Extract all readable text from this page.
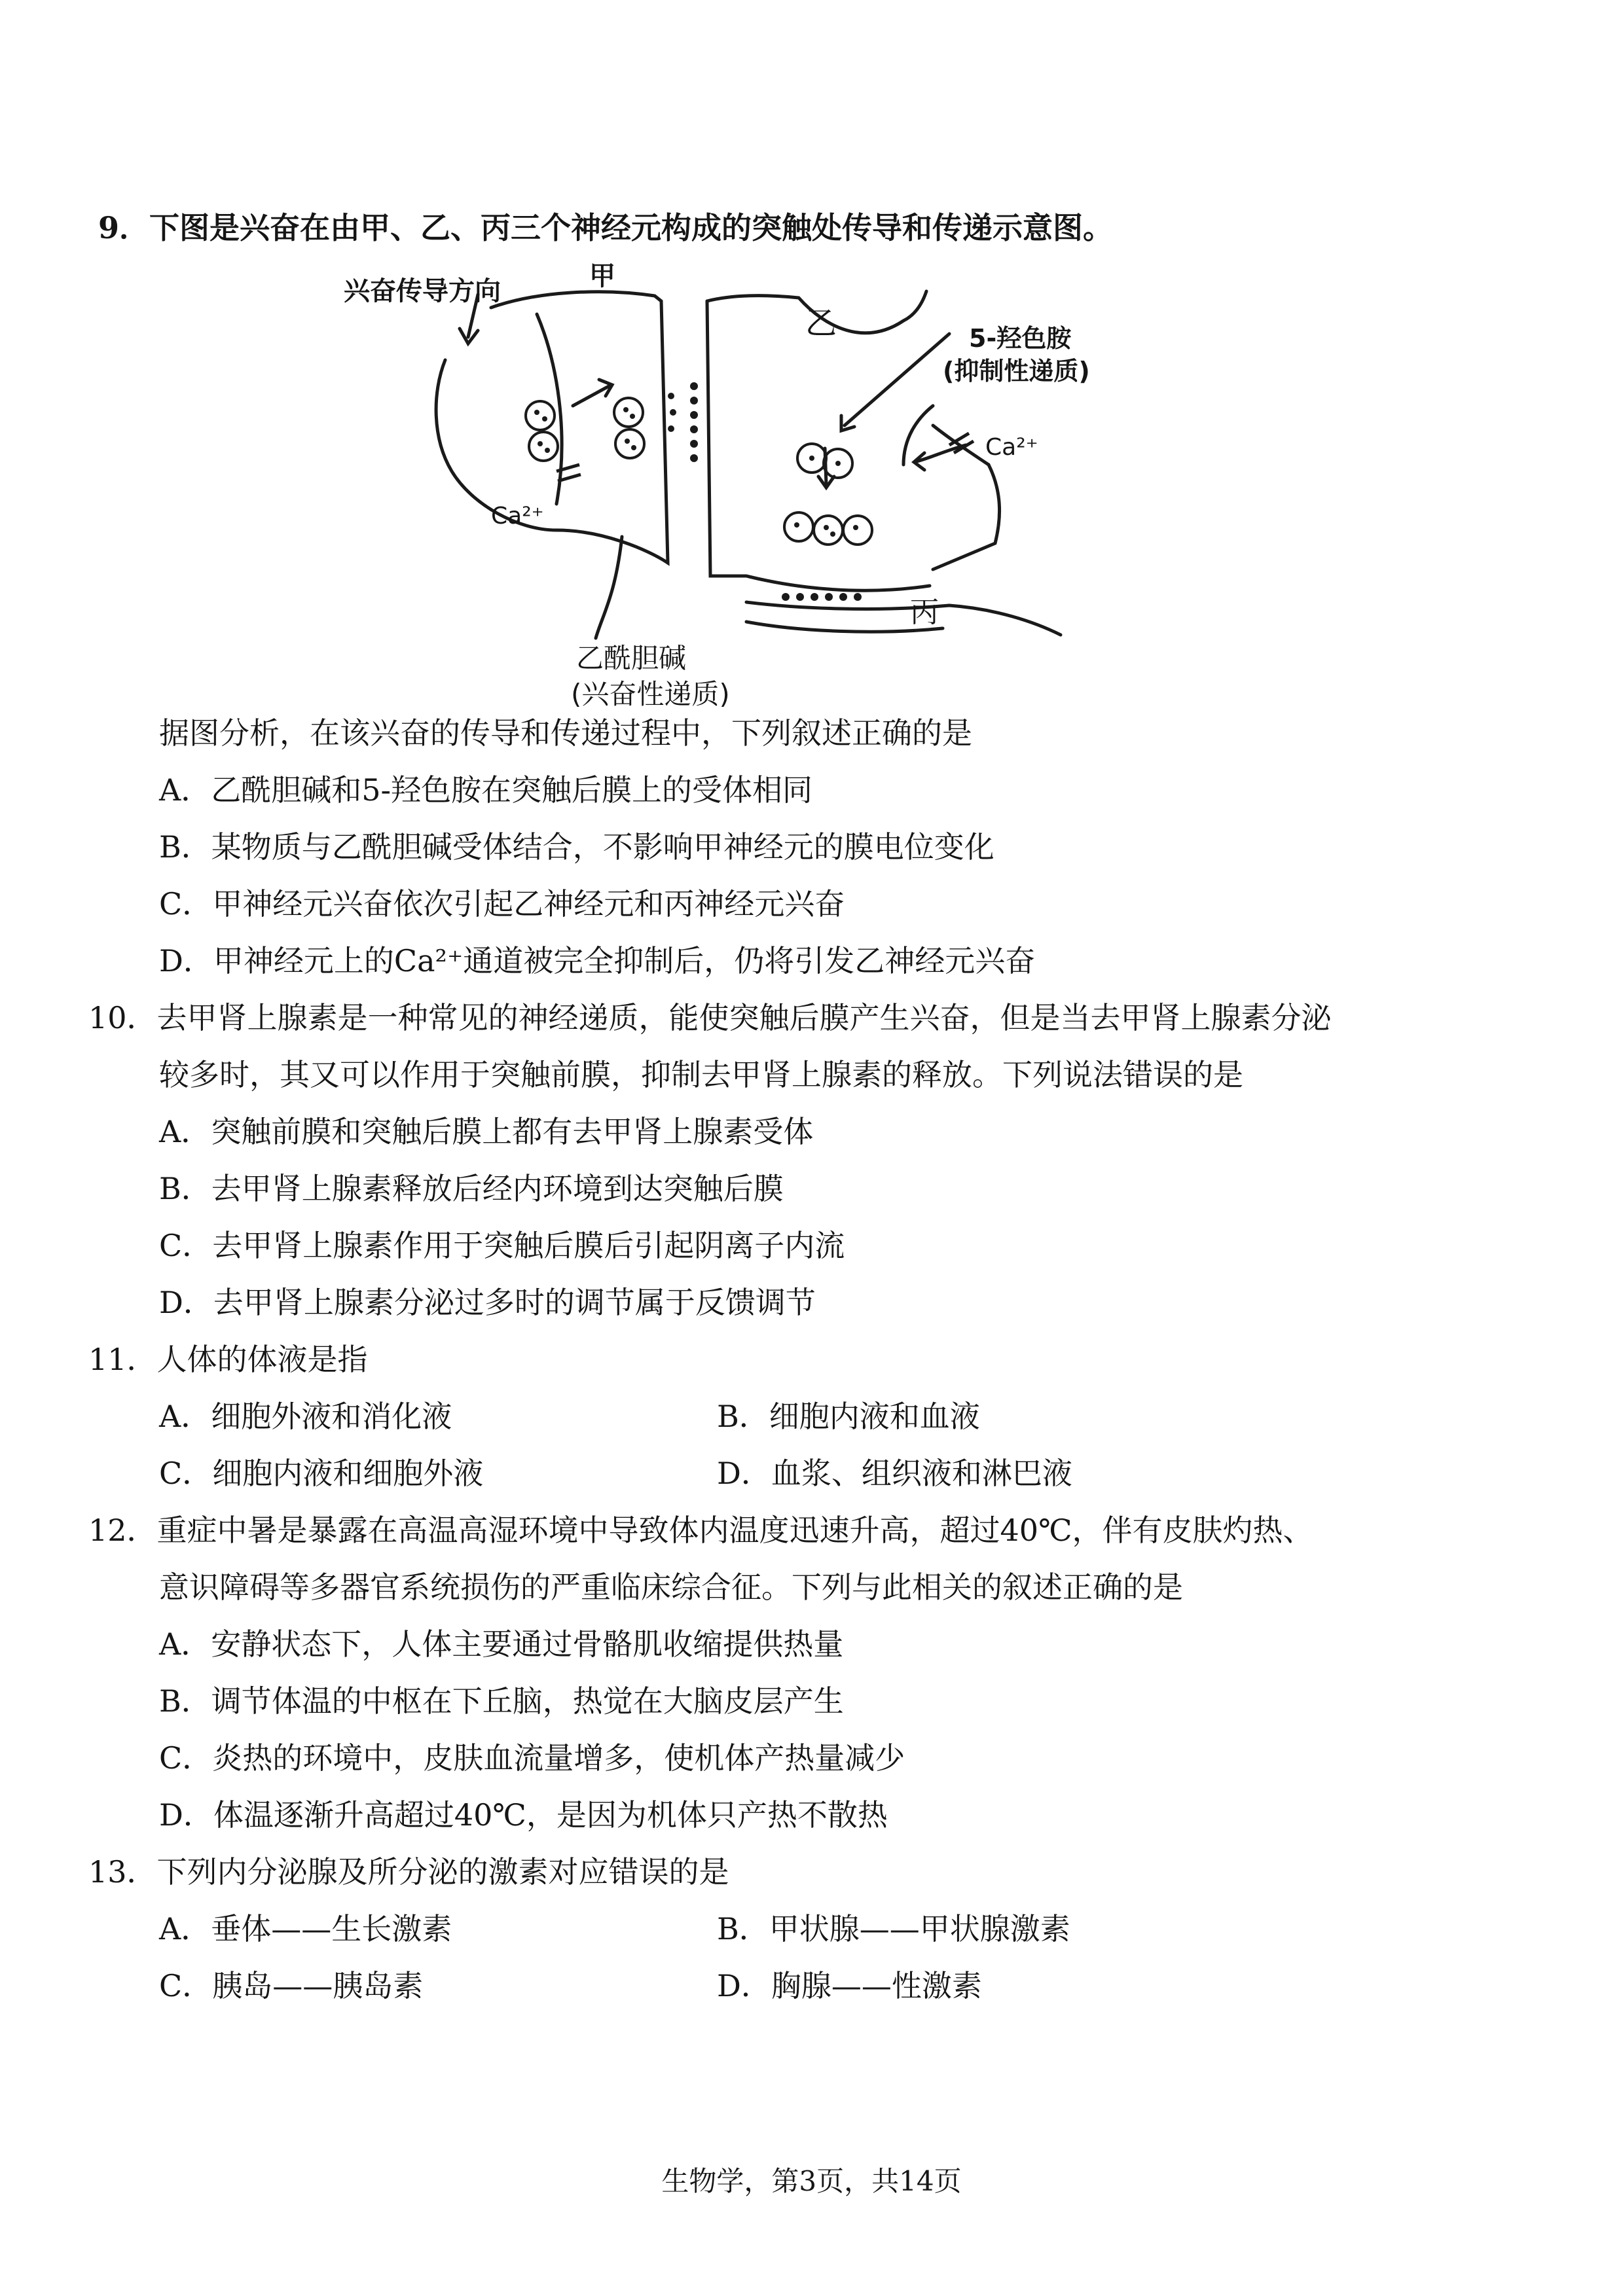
9．下图是兴奋在由甲、乙、丙三个神经元构成的突触处传导和传递示意图。
兴奋传导方向	甲
乙	5-羟色胺
(抑制性递质)
Ca²⁺
Ca²⁺
丙
乙酰胆碱
(兴奋性递质)
据图分析，在该兴奋的传导和传递过程中，下列叙述正确的是
A．乙酰胆碱和5-羟色胺在突触后膜上的受体相同
B．某物质与乙酰胆碱受体结合，不影响甲神经元的膜电位变化
C．甲神经元兴奋依次引起乙神经元和丙神经元兴奋
D．甲神经元上的Ca²⁺通道被完全抑制后，仍将引发乙神经元兴奋
10．去甲肾上腺素是一种常见的神经递质，能使突触后膜产生兴奋，但是当去甲肾上腺素分泌
较多时，其又可以作用于突触前膜，抑制去甲肾上腺素的释放。下列说法错误的是
A．突触前膜和突触后膜上都有去甲肾上腺素受体
B．去甲肾上腺素释放后经内环境到达突触后膜
C．去甲肾上腺素作用于突触后膜后引起阴离子内流
D．去甲肾上腺素分泌过多时的调节属于反馈调节
11．人体的体液是指
A．细胞外液和消化液	B．细胞内液和血液
C．细胞内液和细胞外液	D．血浆、组织液和淋巴液
12．重症中暑是暴露在高温高湿环境中导致体内温度迅速升高，超过40℃，伴有皮肤灼热、
意识障碍等多器官系统损伤的严重临床综合征。下列与此相关的叙述正确的是
A．安静状态下，人体主要通过骨骼肌收缩提供热量
B．调节体温的中枢在下丘脑，热觉在大脑皮层产生
C．炎热的环境中，皮肤血流量增多，使机体产热量减少
D．体温逐渐升高超过40℃，是因为机体只产热不散热
13．下列内分泌腺及所分泌的激素对应错误的是
A．垂体——生长激素	B．甲状腺——甲状腺激素
C．胰岛——胰岛素	D．胸腺——性激素
生物学，第3页，共14页
